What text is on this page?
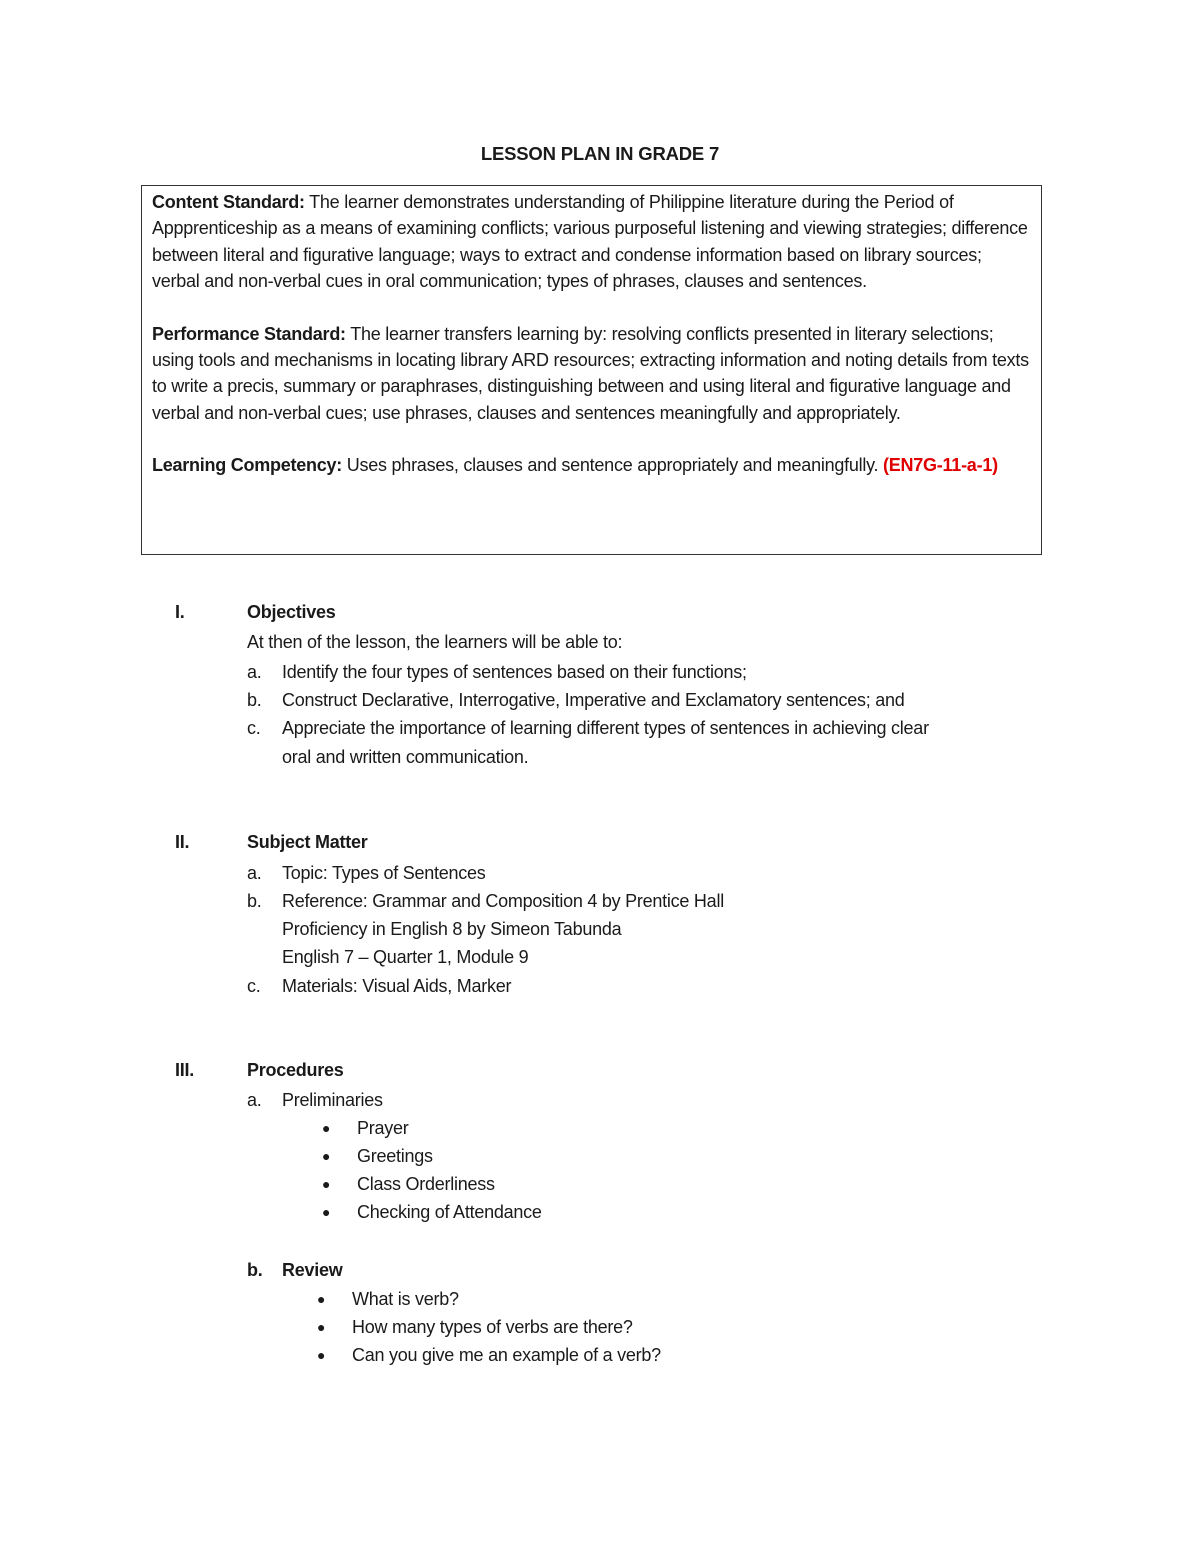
LESSON PLAN IN GRADE 7

Content Standard: The learner demonstrates understanding of Philippine literature during the Period of Appprenticeship as a means of examining conflicts; various purposeful listening and viewing strategies; difference between literal and figurative language; ways to extract and condense information based on library sources; verbal and non-verbal cues in oral communication; types of phrases, clauses and sentences.

Performance Standard: The learner transfers learning by: resolving conflicts presented in literary selections; using tools and mechanisms in locating library ARD resources; extracting information and noting details from texts to write a precis, summary or paraphrases, distinguishing between and using literal and figurative language and verbal and non-verbal cues; use phrases, clauses and sentences meaningfully and appropriately.

Learning Competency: Uses phrases, clauses and sentence appropriately and meaningfully. (EN7G-11-a-1)

I.	Objectives
At then of the lesson, the learners will be able to:
a. Identify the four types of sentences based on their functions;
b. Construct Declarative, Interrogative, Imperative and Exclamatory sentences; and
c. Appreciate the importance of learning different types of sentences in achieving clear
oral and written communication.
II.	Subject Matter
a. Topic: Types of Sentences
b. Reference: Grammar and Composition 4 by Prentice Hall
Proficiency in English 8 by Simeon Tabunda
English 7 – Quarter 1, Module 9
c. Materials: Visual Aids, Marker
III.	Procedures
a. Preliminaries
● Prayer
● Greetings
● Class Orderliness
● Checking of Attendance
b. Review
● What is verb?
● How many types of verbs are there?
● Can you give me an example of a verb?
